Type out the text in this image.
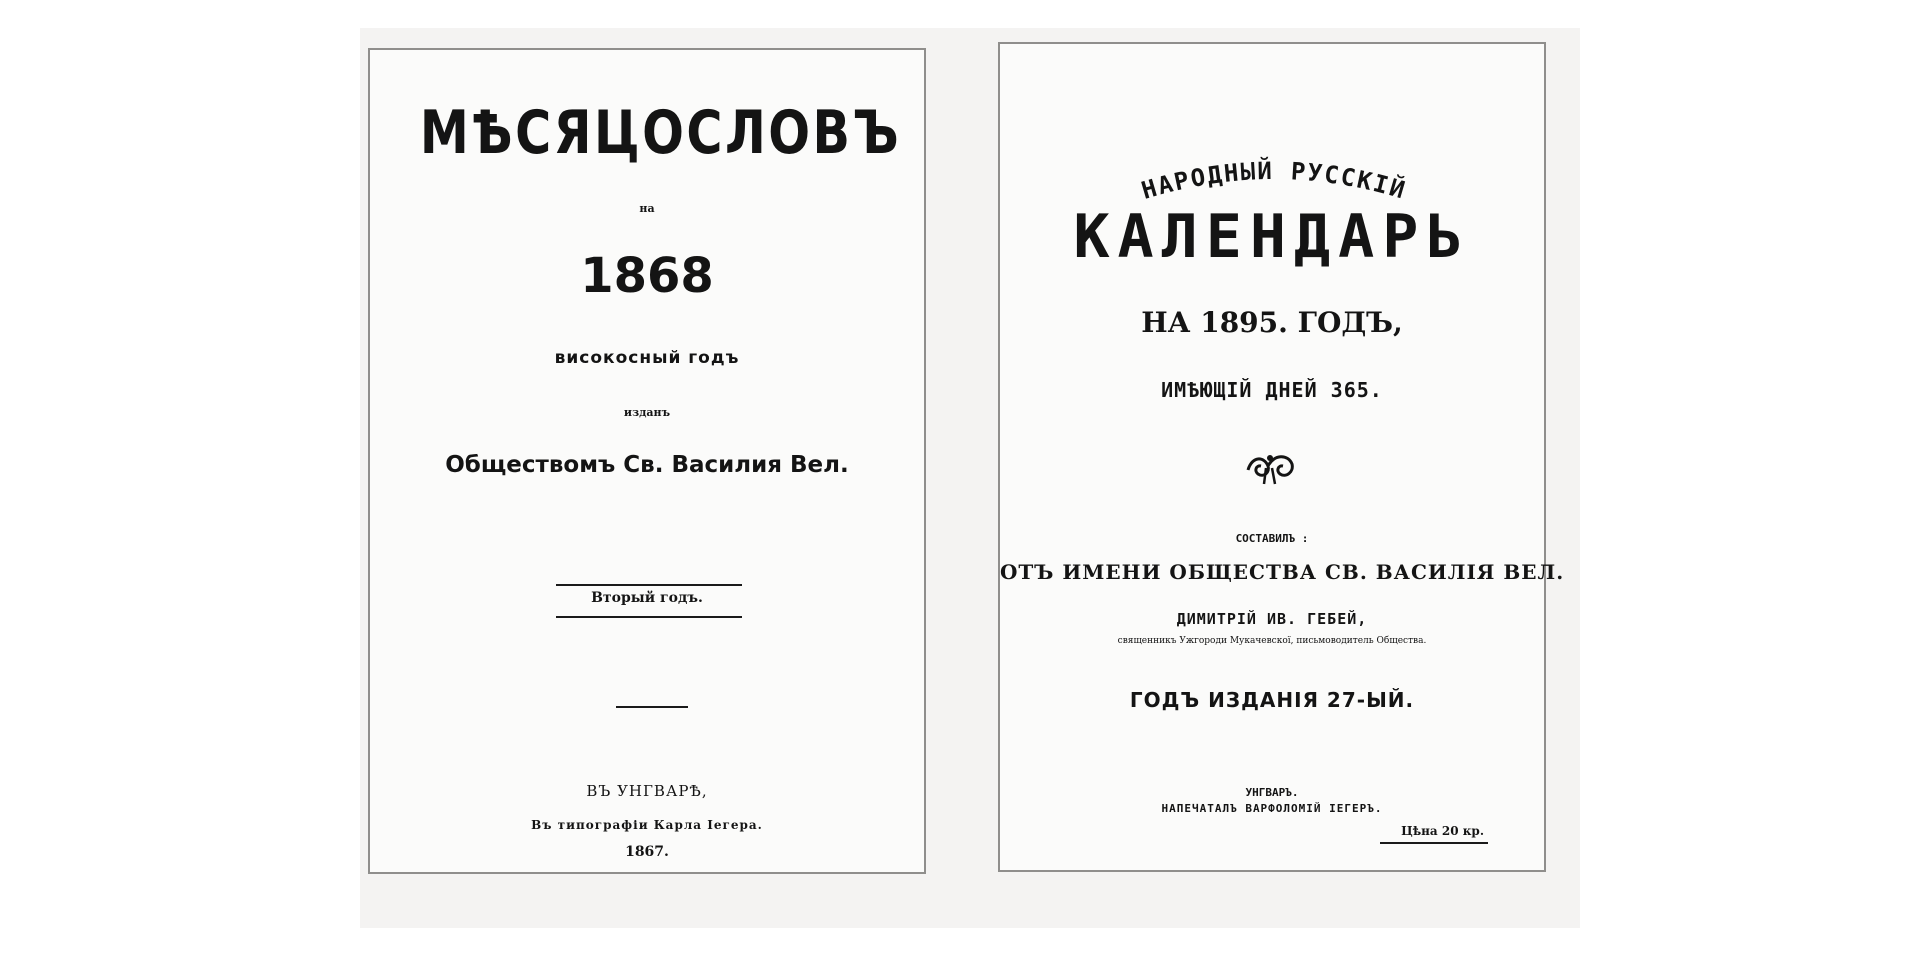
МѢСЯЦОСЛОВЪ
на
1868
високосный годъ
изданъ
Обществомъ Св. Василия Вел.
Вторый годъ.
ВЪ УНГВАРѢ,
Въ типографіи Карла Іегера.
1867.
НАРОДНЫЙ РУССКІЙ
КАЛЕНДАРЬ
НА 1895. ГОДЪ,
ИМѢЮЩІЙ ДНЕЙ 365.
СОСТАВИЛЪ :
ОТЪ ИМЕНИ ОБЩЕСТВА СВ. ВАСИЛІЯ ВЕЛ.
ДИМИТРІЙ ИВ. ГЕБЕЙ,
священникъ Ужгороди Мукачевскої, письмоводитель Общества.
ГОДЪ ИЗДАНІЯ 27-ЫЙ.
УНГВАРЪ.
НАПЕЧАТАЛЪ ВАРФОЛОМІЙ ІЕГЕРЪ.
Цѣна 20 кр.
